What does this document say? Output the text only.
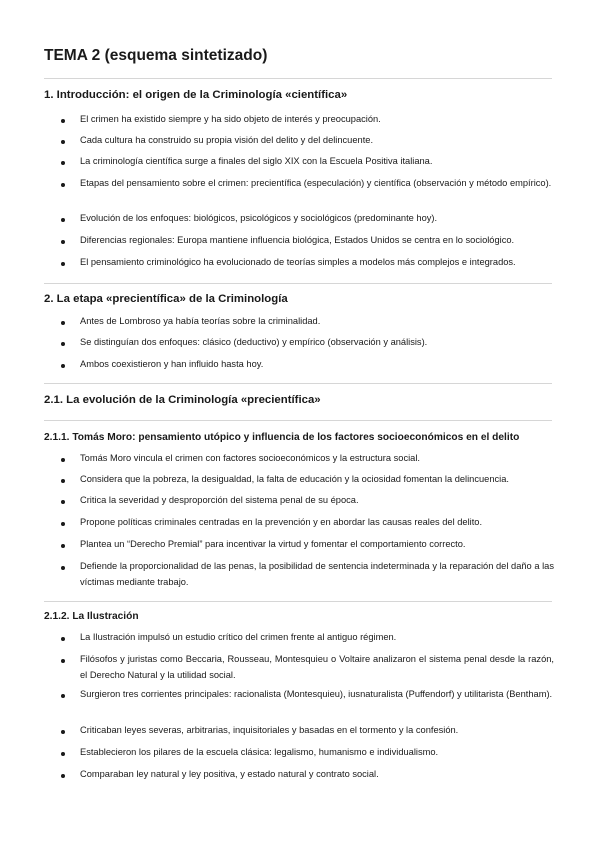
TEMA 2 (esquema sintetizado)
1. Introducción: el origen de la Criminología «científica»
El crimen ha existido siempre y ha sido objeto de interés y preocupación.
Cada cultura ha construido su propia visión del delito y del delincuente.
La criminología científica surge a finales del siglo XIX con la Escuela Positiva italiana.
Etapas del pensamiento sobre el crimen: precientífica (especulación) y científica (observación y método empírico).
Evolución de los enfoques: biológicos, psicológicos y sociológicos (predominante hoy).
Diferencias regionales: Europa mantiene influencia biológica, Estados Unidos se centra en lo sociológico.
El pensamiento criminológico ha evolucionado de teorías simples a modelos más complejos e integrados.
2. La etapa «precientífica» de la Criminología
Antes de Lombroso ya había teorías sobre la criminalidad.
Se distinguían dos enfoques: clásico (deductivo) y empírico (observación y análisis).
Ambos coexistieron y han influido hasta hoy.
2.1. La evolución de la Criminología «precientífica»
2.1.1. Tomás Moro: pensamiento utópico y influencia de los factores socioeconómicos en el delito
Tomás Moro vincula el crimen con factores socioeconómicos y la estructura social.
Considera que la pobreza, la desigualdad, la falta de educación y la ociosidad fomentan la delincuencia.
Critica la severidad y desproporción del sistema penal de su época.
Propone políticas criminales centradas en la prevención y en abordar las causas reales del delito.
Plantea un “Derecho Premial” para incentivar la virtud y fomentar el comportamiento correcto.
Defiende la proporcionalidad de las penas, la posibilidad de sentencia indeterminada y la reparación del daño a las víctimas mediante trabajo.
2.1.2. La Ilustración
La Ilustración impulsó un estudio crítico del crimen frente al antiguo régimen.
Filósofos y juristas como Beccaria, Rousseau, Montesquieu o Voltaire analizaron el sistema penal desde la razón, el Derecho Natural y la utilidad social.
Surgieron tres corrientes principales: racionalista (Montesquieu), iusnaturalista (Puffendorf) y utilitarista (Bentham).
Criticaban leyes severas, arbitrarias, inquisitoriales y basadas en el tormento y la confesión.
Establecieron los pilares de la escuela clásica: legalismo, humanismo e individualismo.
Comparaban ley natural y ley positiva, y estado natural y contrato social.
